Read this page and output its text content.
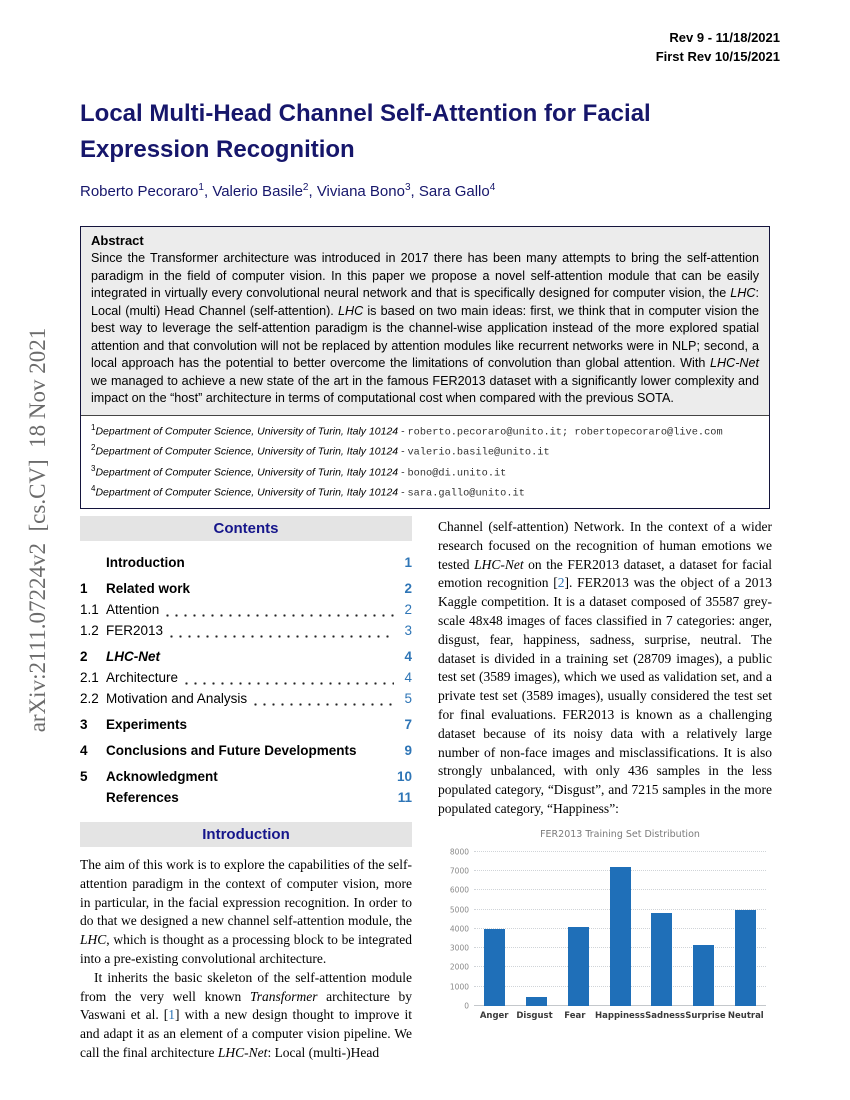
Rev 9 - 11/18/2021
First Rev 10/15/2021
Local Multi-Head Channel Self-Attention for Facial Expression Recognition
Roberto Pecoraro$^1$, Valerio Basile$^2$, Viviana Bono$^3$, Sara Gallo$^4$
Abstract
Since the Transformer architecture was introduced in 2017 there has been many attempts to bring the self-attention paradigm in the field of computer vision. In this paper we propose a novel self-attention module that can be easily integrated in virtually every convolutional neural network and that is specifically designed for computer vision, the LHC: Local (multi) Head Channel (self-attention). LHC is based on two main ideas: first, we think that in computer vision the best way to leverage the self-attention paradigm is the channel-wise application instead of the more explored spatial attention and that convolution will not be replaced by attention modules like recurrent networks were in NLP; second, a local approach has the potential to better overcome the limitations of convolution than global attention. With LHC-Net we managed to achieve a new state of the art in the famous FER2013 dataset with a significantly lower complexity and impact on the “host” architecture in terms of computational cost when compared with the previous SOTA.
$^1$Department of Computer Science, University of Turin, Italy 10124 - roberto.pecoraro@unito.it; robertopecoraro@live.com
$^2$Department of Computer Science, University of Turin, Italy 10124 - valerio.basile@unito.it
$^3$Department of Computer Science, University of Turin, Italy 10124 - bono@di.unito.it
$^4$Department of Computer Science, University of Turin, Italy 10124 - sara.gallo@unito.it
arXiv:2111.07224v2  [cs.CV]  18 Nov 2021	Contents
Introduction	1
1	Related work	2
1.1 Attention	2
1.2 FER2013	3
2	LHC-Net	4
2.1 Architecture	4
2.2 Motivation and Analysis	5
3	Experiments	7
4	Conclusions and Future Developments	9
5	Acknowledgment	10
References	11
Introduction

The aim of this work is to explore the capabilities of the self-attention paradigm in the context of computer vision, more in particular, in the facial expression recognition. In order to do that we designed a new channel self-attention module, the LHC, which is thought as a processing block to be integrated into a pre-existing convolutional architecture.

It inherits the basic skeleton of the self-attention module from the very well known Transformer architecture by Vaswani et al. [1] with a new design thought to improve it and adapt it as an element of a computer vision pipeline. We call the final architecture LHC-Net: Local (multi-)Head

Channel (self-attention) Network. In the context of a wider research focused on the recognition of human emotions we tested LHC-Net on the FER2013 dataset, a dataset for facial emotion recognition [2]. FER2013 was the object of a 2013 Kaggle competition. It is a dataset composed of 35587 grey-scale 48x48 images of faces classified in 7 categories: anger, disgust, fear, happiness, sadness, surprise, neutral. The dataset is divided in a training set (28709 images), a public test set (3589 images), which we used as validation set, and a private test set (3589 images), usually considered the test set for final evaluations. FER2013 is known as a challenging dataset because of its noisy data with a relatively large number of non-face images and misclassifications. It is also strongly unbalanced, with only 436 samples in the less populated category, “Disgust”, and 7215 samples in the more populated category, “Happiness”:

FER2013 Training Set Distribution
0
1000
2000
3000
4000
5000
6000
7000
8000
Anger Disgust	Fear	Happiness Sadness Surprise Neutral
